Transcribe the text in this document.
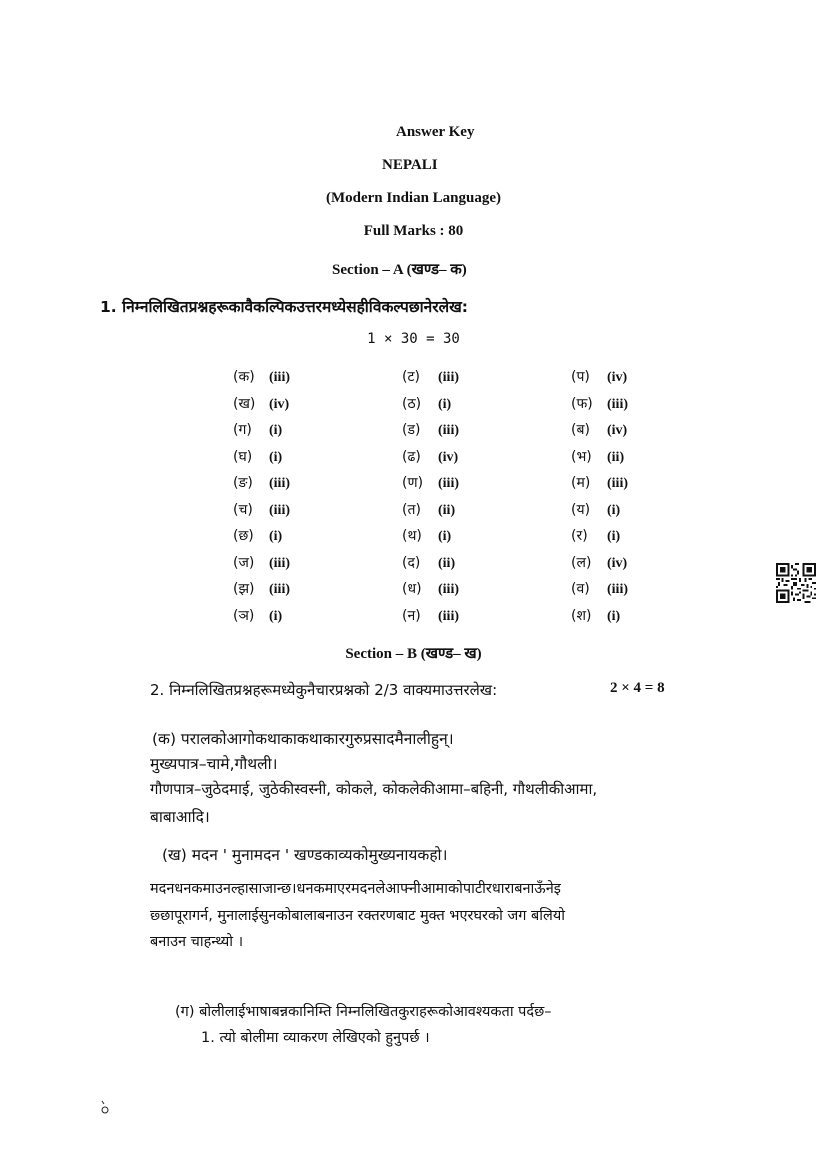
Answer Key
NEPALI
(Modern Indian Language)
Full Marks : 80
Section – A (खण्ड– क)
1. निम्नलिखितप्रश्नहरूकावैकल्पिकउत्तरमध्येसहीविकल्पछानेरलेख:
1 × 30 = 30
(क) (iii)
(ख) (iv)
(ग) (i)
(घ) (i)
(ङ) (iii)
(च) (iii)
(छ) (i)
(ज) (iii)
(झ) (iii)
(ञ) (i)
(ट) (iii)
(ठ) (i)
(ड) (iii)
(ढ) (iv)
(ण) (iii)
(त) (ii)
(थ) (i)
(द) (ii)
(ध) (iii)
(न) (iii)
(प) (iv)
(फ) (iii)
(ब) (iv)
(भ) (ii)
(म) (iii)
(य) (i)
(र) (i)
(ल) (iv)
(व) (iii)
(श) (i)
Section – B (खण्ड– ख)
2. निम्नलिखितप्रश्नहरूमध्येकुनैचारप्रश्नको 2/3 वाक्यमाउत्तरलेख:	2 × 4 = 8
(क) परालकोआगोकथाकाकथाकारगुरुप्रसादमैनालीहुन्।
मुख्यपात्र–चामे,गौथली।
गौणपात्र–जुठेदमाई, जुठेकीस्वस्नी, कोकले, कोकलेकीआमा–बहिनी, गौथलीकीआमा,
बाबाआदि।
(ख) मदन ' मुनामदन ' खण्डकाव्यकोमुख्यनायकहो।
मदनधनकमाउनल्हासाजान्छ।धनकमाएरमदनलेआफ्नीआमाकोपाटीरधाराबनाऊँनेइ
छ्छापूरागर्न, मुनालाईसुनकोबालाबनाउन रक्तरणबाट मुक्त भएरघरको जग बलियो
बनाउन चाहन्थ्यो ।
(ग) बोलीलाईभाषाबन्नकानिम्ति निम्नलिखितकुराहरूकोआवश्यकता पर्दछ–
1. त्यो बोलीमा व्याकरण लेखिएको हुनुपर्छ ।
